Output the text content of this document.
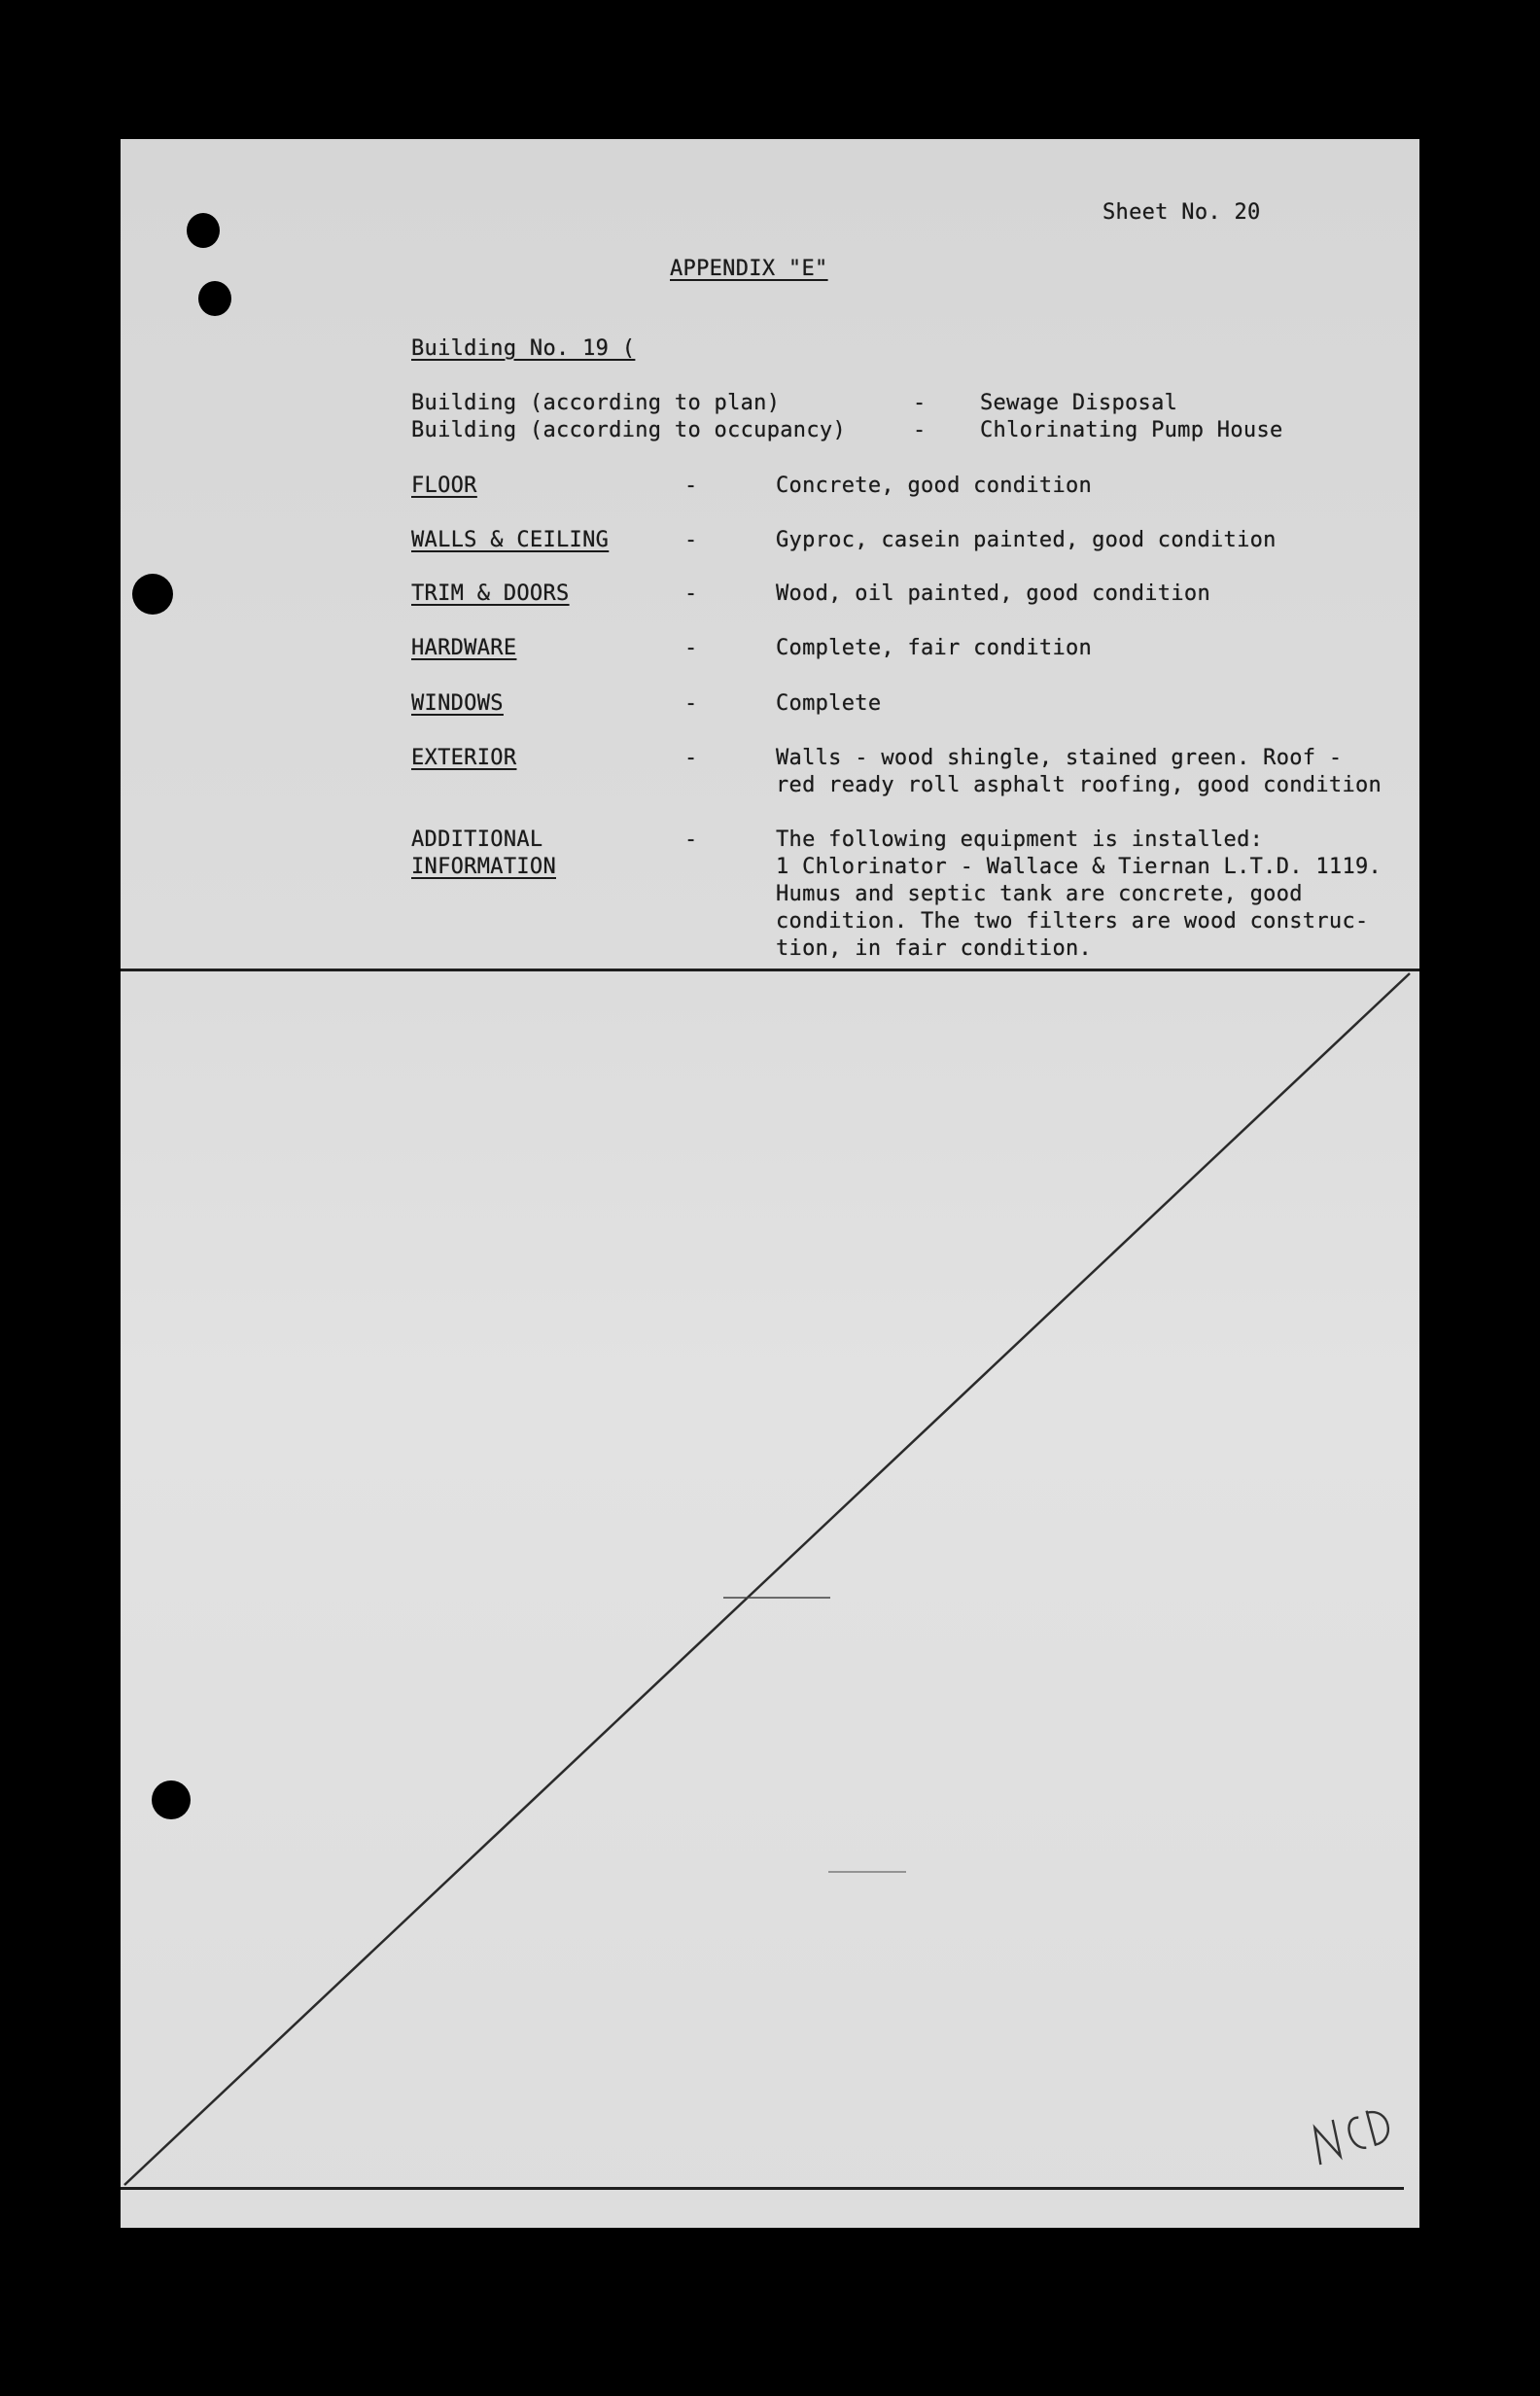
Sheet No. 20
APPENDIX "E"
Building No. 19 (
Building (according to plan)	-	Sewage Disposal
Building (according to occupancy)	-	Chlorinating Pump House
FLOOR	-	Concrete, good condition
WALLS & CEILING	-	Gyproc, casein painted, good condition
TRIM & DOORS	-	Wood, oil painted, good condition
HARDWARE	-	Complete, fair condition
WINDOWS	-	Complete
EXTERIOR	-	Walls - wood shingle, stained green. Roof -
red ready roll asphalt roofing, good condition
ADDITIONAL
INFORMATION
-	The following equipment is installed:
1 Chlorinator - Wallace & Tiernan L.T.D. 1119.
Humus and septic tank are concrete, good
condition. The two filters are wood construc-
tion, in fair condition.
